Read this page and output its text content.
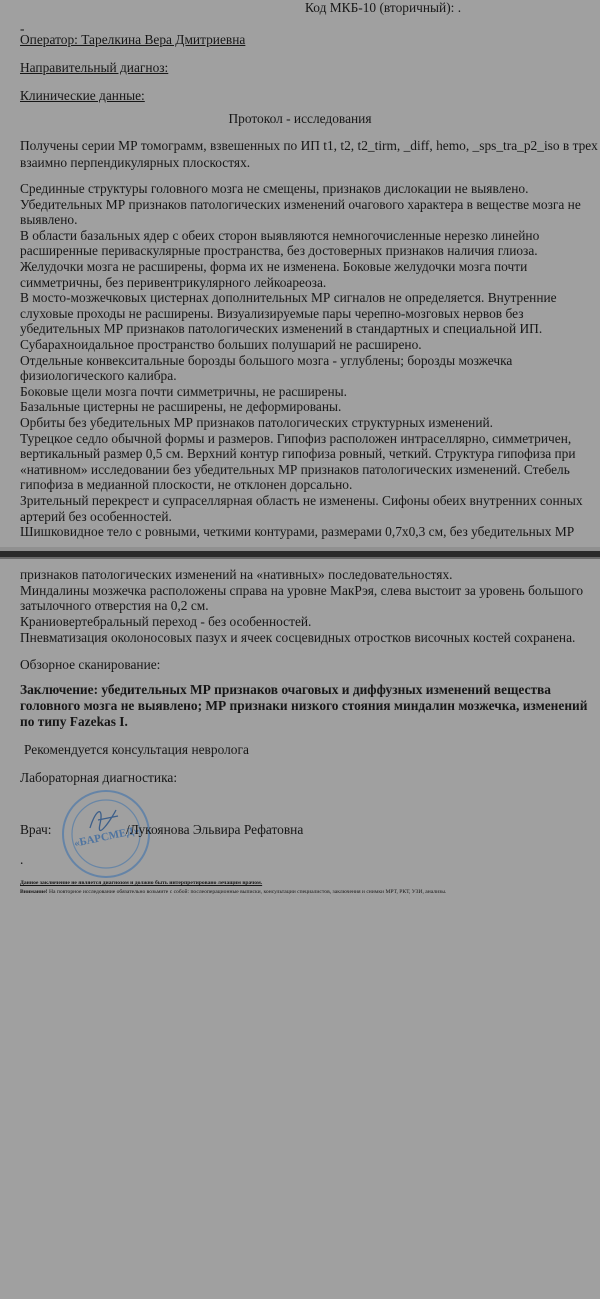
Код МКБ-10 (вторичный): .
-
Оператор: Тарелкина Вера Дмитриевна
Направительный диагноз:
Клинические данные:
Протокол - исследования
Получены серии МР томограмм, взвешенных по ИП t1, t2, t2_tirm, _diff, hemo, _sps_tra_p2_iso в трех
взаимно перпендикулярных плоскостях.
Срединные структуры головного мозга не смещены, признаков дислокации не выявлено.
Убедительных МР признаков патологических изменений очагового характера в веществе мозга не
выявлено.
В области базальных ядер с обеих сторон выявляются немногочисленные нерезко линейно
расширенные периваскулярные пространства, без достоверных признаков наличия глиоза.
Желудочки мозга не расширены, форма их не изменена. Боковые желудочки мозга почти
симметричны, без перивентрикулярного лейкоареоза.
В мосто-мозжечковых цистернах дополнительных МР сигналов не определяется. Внутренние
слуховые проходы не расширены. Визуализируемые пары черепно-мозговых нервов без
убедительных МР признаков патологических изменений в стандартных и специальной ИП.
Субарахноидальное пространство больших полушарий не расширено.
Отдельные конвекситальные борозды большого мозга - углублены; борозды мозжечка
физиологического калибра.
Боковые щели мозга почти симметричны, не расширены.
Базальные цистерны не расширены, не деформированы.
Орбиты без убедительных МР признаков патологических структурных изменений.
Турецкое седло обычной формы и размеров. Гипофиз расположен интраселлярно, симметричен,
вертикальный размер 0,5 см. Верхний контур гипофиза ровный, четкий. Структура гипофиза при
«нативном» исследовании без убедительных МР признаков патологических изменений. Стебель
гипофиза в медианной плоскости, не отклонен дорсально.
Зрительный перекрест и супраселлярная область не изменены. Сифоны обеих внутренних сонных
артерий без особенностей.
Шишковидное тело с ровными, четкими контурами, размерами 0,7х0,3 см, без убедительных МР
признаков патологических изменений на «нативных» последовательностях.
Миндалины мозжечка расположены справа на уровне МакРэя, слева выстоит за уровень большого
затылочного отверстия на 0,2 см.
Краниовертебральный переход - без особенностей.
Пневматизация околоносовых пазух и ячеек сосцевидных отростков височных костей сохранена.
Обзорное сканирование:
Заключение: убедительных МР признаков очаговых и диффузных изменений вещества
головного мозга не выявлено; МР признаки низкого стояния миндалин мозжечка, изменений
по типу Fazekas I.
Рекомендуется консультация невролога
Лабораторная диагностика:
«БАРСМЕД»
Врач:	/Лукоянова Эльвира Рефатовна
.
Данное заключение не является диагнозом и должно быть интерпретировано лечащим врачом.
Внимание! На повторное исследование обязательно возьмите с собой: послеоперационные выписки, консультации специалистов, заключения и снимки МРТ, РКТ, УЗИ, анализы.
